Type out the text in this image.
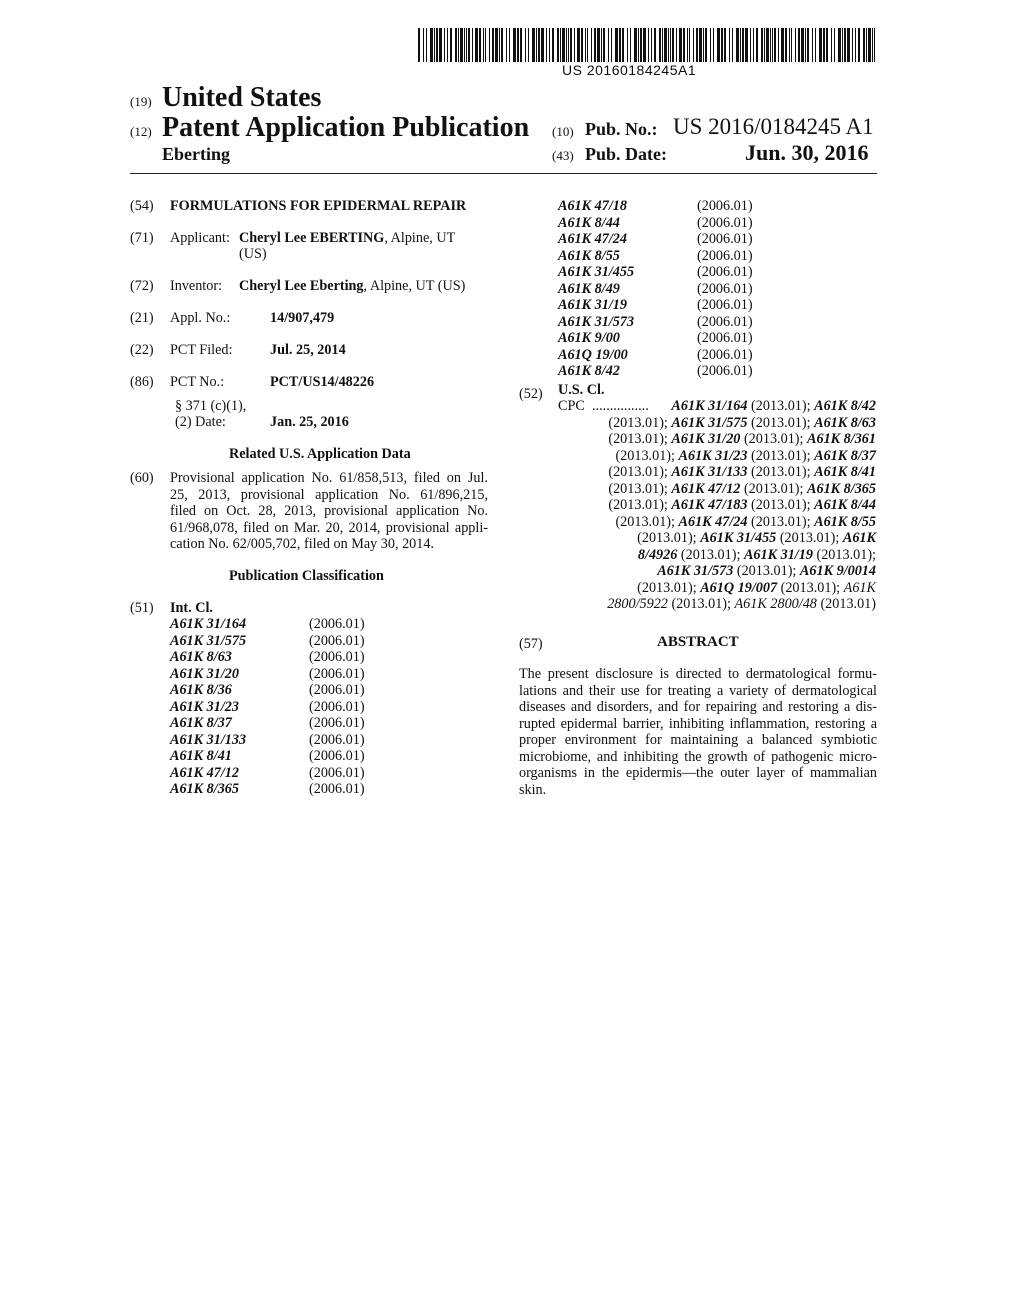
US 20160184245A1
(19) United States
(12) Patent Application Publication
Eberting
(10) Pub. No.: US 2016/0184245 A1
(43) Pub. Date:	Jun. 30, 2016
(54) FORMULATIONS FOR EPIDERMAL REPAIR
(71) Applicant: Cheryl Lee EBERTING, Alpine, UT
(US)
(72) Inventor: Cheryl Lee Eberting, Alpine, UT (US)
(21) Appl. No.:	14/907,479
(22) PCT Filed:	Jul. 25, 2014
(86) PCT No.:	PCT/US14/48226
§ 371 (c)(1),
(2) Date:	Jan. 25, 2016
Related U.S. Application Data
(60) Provisional application No. 61/858,513, filed on Jul.
25, 2013, provisional application No. 61/896,215,
filed on Oct. 28, 2013, provisional application No.
61/968,078, filed on Mar. 20, 2014, provisional appli-
cation No. 62/005,702, filed on May 30, 2014.
Publication Classification
(51) Int. Cl.
A61K 31/164	(2006.01)
A61K 31/575	(2006.01)
A61K 8/63	(2006.01)
A61K 31/20	(2006.01)
A61K 8/36	(2006.01)
A61K 31/23	(2006.01)
A61K 8/37	(2006.01)
A61K 31/133	(2006.01)
A61K 8/41	(2006.01)
A61K 47/12	(2006.01)
A61K 8/365	(2006.01)
A61K 47/18	(2006.01)
A61K 8/44	(2006.01)
A61K 47/24	(2006.01)
A61K 8/55	(2006.01)
A61K 31/455	(2006.01)
A61K 8/49	(2006.01)
A61K 31/19	(2006.01)
A61K 31/573	(2006.01)
A61K 9/00	(2006.01)
A61Q 19/00	(2006.01)
A61K 8/42	(2006.01)
(52) U.S. Cl.
CPC ................ A61K 31/164 (2013.01); A61K 8/42
(2013.01); A61K 31/575 (2013.01); A61K 8/63
(2013.01); A61K 31/20 (2013.01); A61K 8/361
(2013.01); A61K 31/23 (2013.01); A61K 8/37
(2013.01); A61K 31/133 (2013.01); A61K 8/41
(2013.01); A61K 47/12 (2013.01); A61K 8/365
(2013.01); A61K 47/183 (2013.01); A61K 8/44
(2013.01); A61K 47/24 (2013.01); A61K 8/55
(2013.01); A61K 31/455 (2013.01); A61K
8/4926 (2013.01); A61K 31/19 (2013.01);
A61K 31/573 (2013.01); A61K 9/0014
(2013.01); A61Q 19/007 (2013.01); A61K
2800/5922 (2013.01); A61K 2800/48 (2013.01)
(57)	ABSTRACT
The present disclosure is directed to dermatological formu-
lations and their use for treating a variety of dermatological
diseases and disorders, and for repairing and restoring a dis-
rupted epidermal barrier, inhibiting inflammation, restoring a
proper environment for maintaining a balanced symbiotic
microbiome, and inhibiting the growth of pathogenic micro-
organisms in the epidermis—the outer layer of mammalian
skin.
